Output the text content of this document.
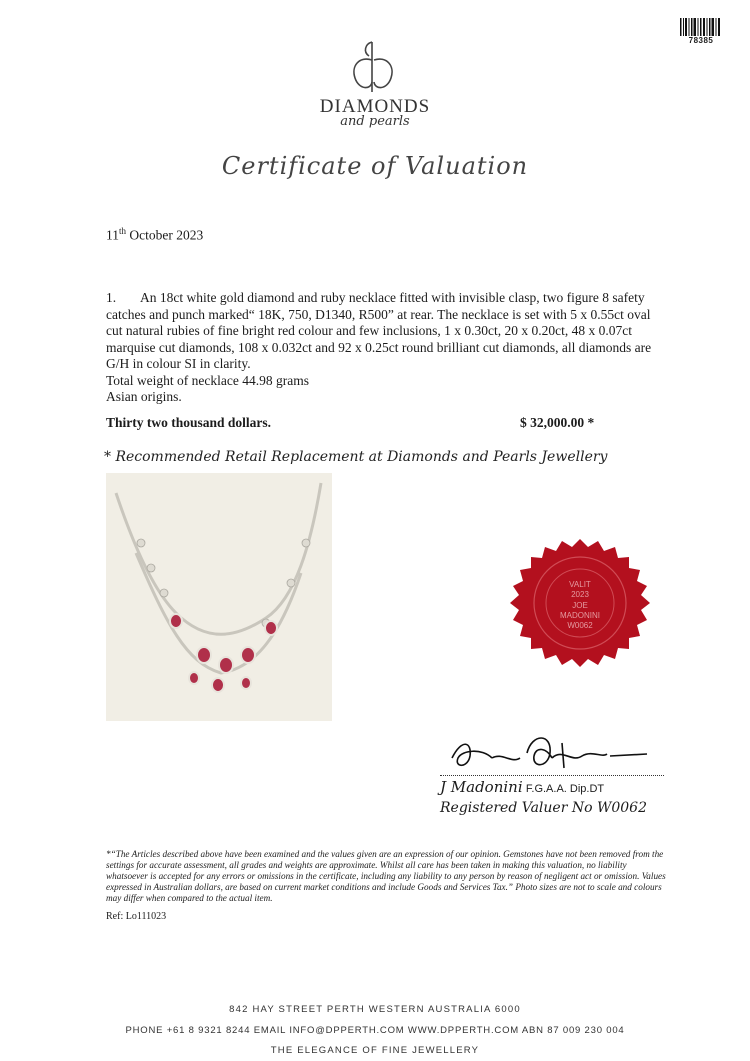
78385
DIAMONDS
and pearls
Certificate of Valuation
11th October 2023

1. An 18ct white gold diamond and ruby necklace fitted with invisible clasp, two figure 8 safety catches and punch marked“ 18K, 750, D1340, R500” at rear. The necklace is set with 5 x 0.55ct oval cut natural rubies of fine bright red colour and few inclusions, 1 x 0.30ct, 20 x 0.20ct, 48 x 0.07ct marquise cut diamonds, 108 x 0.032ct and 92 x 0.25ct round brilliant cut diamonds, all diamonds are G/H in colour SI in clarity.

Total weight of necklace 44.98 grams

Asian origins.

Thirty two thousand dollars.	$ 32,000.00 *
* Recommended Retail Replacement at Diamonds and Pearls Jewellery
VALIT
2023
JOE
MADONINI
W0062
J Madonini F.G.A.A. Dip.DT
Registered Valuer No W0062
*“The Articles described above have been examined and the values given are an expression of our opinion. Gemstones have not been removed from the settings for accurate assessment, all grades and weights are approximate. Whilst all care has been taken in making this valuation, no liability whatsoever is accepted for any errors or omissions in the certificate, including any liability to any person by reason of negligent act or omission. Values expressed in Australian dollars, are based on current market conditions and include Goods and Services Tax.” Photo sizes are not to scale and colours may differ when compared to the actual item.
Ref: Lo111023
842 HAY STREET PERTH WESTERN AUSTRALIA 6000
PHONE +61 8 9321 8244 EMAIL INFO@DPPERTH.COM WWW.DPPERTH.COM ABN 87 009 230 004
THE ELEGANCE OF FINE JEWELLERY
